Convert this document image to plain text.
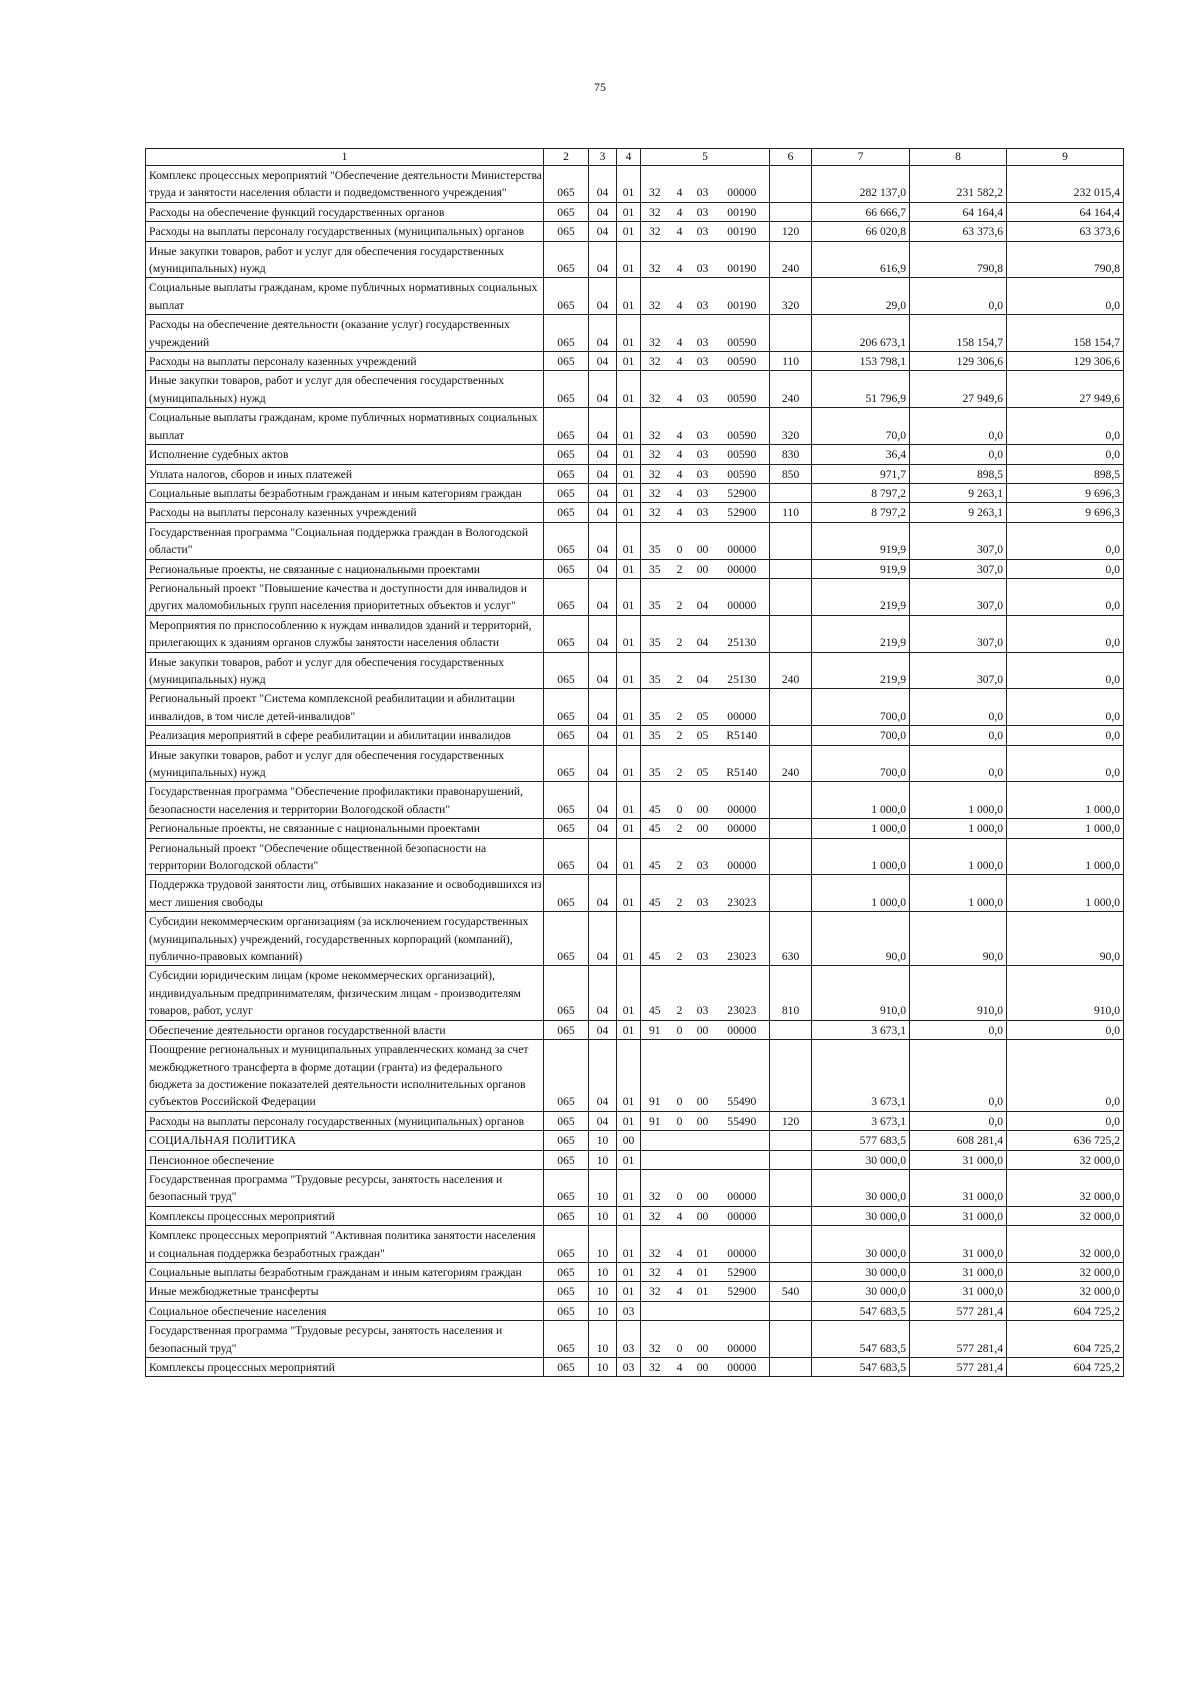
75
1	2	3	4	5				6	7	8	9
Комплекс процессных мероприятий "Обеспечение деятельности Министерства труда и занятости населения области и подведомственного учреждения"	065	04	01	32	4	03	00000		282 137,0	231 582,2	232 015,4
Расходы на обеспечение функций государственных органов	065	04	01	32	4	03	00190		66 666,7	64 164,4	64 164,4
Расходы на выплаты персоналу государственных (муниципальных) органов	065	04	01	32	4	03	00190	120	66 020,8	63 373,6	63 373,6
Иные закупки товаров, работ и услуг для обеспечения государственных (муниципальных) нужд	065	04	01	32	4	03	00190	240	616,9	790,8	790,8
Социальные выплаты гражданам, кроме публичных нормативных социальных выплат	065	04	01	32	4	03	00190	320	29,0	0,0	0,0
Расходы на обеспечение деятельности (оказание услуг) государственных учреждений	065	04	01	32	4	03	00590		206 673,1	158 154,7	158 154,7
Расходы на выплаты персоналу казенных учреждений	065	04	01	32	4	03	00590	110	153 798,1	129 306,6	129 306,6
Иные закупки товаров, работ и услуг для обеспечения государственных (муниципальных) нужд	065	04	01	32	4	03	00590	240	51 796,9	27 949,6	27 949,6
Социальные выплаты гражданам, кроме публичных нормативных социальных выплат	065	04	01	32	4	03	00590	320	70,0	0,0	0,0
Исполнение судебных актов	065	04	01	32	4	03	00590	830	36,4	0,0	0,0
Уплата налогов, сборов и иных платежей	065	04	01	32	4	03	00590	850	971,7	898,5	898,5
Социальные выплаты безработным гражданам и иным категориям граждан	065	04	01	32	4	03	52900		8 797,2	9 263,1	9 696,3
Расходы на выплаты персоналу казенных учреждений	065	04	01	32	4	03	52900	110	8 797,2	9 263,1	9 696,3
Государственная программа "Социальная поддержка граждан в Вологодской области"	065	04	01	35	0	00	00000		919,9	307,0	0,0
Региональные проекты, не связанные с национальными проектами	065	04	01	35	2	00	00000		919,9	307,0	0,0
Региональный проект "Повышение качества и доступности для инвалидов и других маломобильных групп населения приоритетных объектов и услуг"	065	04	01	35	2	04	00000		219,9	307,0	0,0
Мероприятия по приспособлению к нуждам инвалидов зданий и территорий, прилегающих к зданиям органов службы занятости населения области	065	04	01	35	2	04	25130		219,9	307,0	0,0
Иные закупки товаров, работ и услуг для обеспечения государственных (муниципальных) нужд	065	04	01	35	2	04	25130	240	219,9	307,0	0,0
Региональный проект "Система комплексной реабилитации и абилитации инвалидов, в том числе детей-инвалидов"	065	04	01	35	2	05	00000		700,0	0,0	0,0
Реализация мероприятий в сфере реабилитации и абилитации инвалидов	065	04	01	35	2	05	R5140		700,0	0,0	0,0
Иные закупки товаров, работ и услуг для обеспечения государственных (муниципальных) нужд	065	04	01	35	2	05	R5140	240	700,0	0,0	0,0
Государственная программа "Обеспечение профилактики правонарушений, безопасности населения и территории Вологодской области"	065	04	01	45	0	00	00000		1 000,0	1 000,0	1 000,0
Региональные проекты, не связанные с национальными проектами	065	04	01	45	2	00	00000		1 000,0	1 000,0	1 000,0
Региональный проект "Обеспечение общественной безопасности на территории Вологодской области"	065	04	01	45	2	03	00000		1 000,0	1 000,0	1 000,0
Поддержка трудовой занятости лиц, отбывших наказание и освободившихся из мест лишения свободы	065	04	01	45	2	03	23023		1 000,0	1 000,0	1 000,0
Субсидии некоммерческим организациям (за исключением государственных (муниципальных) учреждений, государственных корпораций (компаний), публично-правовых компаний)	065	04	01	45	2	03	23023	630	90,0	90,0	90,0
Субсидии юридическим лицам (кроме некоммерческих организаций), индивидуальным предпринимателям, физическим лицам - производителям товаров, работ, услуг	065	04	01	45	2	03	23023	810	910,0	910,0	910,0
Обеспечение деятельности органов государственной власти	065	04	01	91	0	00	00000		3 673,1	0,0	0,0
Поощрение региональных и муниципальных управленческих команд за счет межбюджетного трансферта в форме дотации (гранта) из федерального бюджета за достижение показателей деятельности исполнительных органов субъектов Российской Федерации	065	04	01	91	0	00	55490		3 673,1	0,0	0,0
Расходы на выплаты персоналу государственных (муниципальных) органов	065	04	01	91	0	00	55490	120	3 673,1	0,0	0,0
СОЦИАЛЬНАЯ ПОЛИТИКА	065	10	00						577 683,5	608 281,4	636 725,2
Пенсионное обеспечение	065	10	01						30 000,0	31 000,0	32 000,0
Государственная программа "Трудовые ресурсы, занятость населения и безопасный труд"	065	10	01	32	0	00	00000		30 000,0	31 000,0	32 000,0
Комплексы процессных мероприятий	065	10	01	32	4	00	00000		30 000,0	31 000,0	32 000,0
Комплекс процессных мероприятий "Активная политика занятости населения и социальная поддержка безработных граждан"	065	10	01	32	4	01	00000		30 000,0	31 000,0	32 000,0
Социальные выплаты безработным гражданам и иным категориям граждан	065	10	01	32	4	01	52900		30 000,0	31 000,0	32 000,0
Иные межбюджетные трансферты	065	10	01	32	4	01	52900	540	30 000,0	31 000,0	32 000,0
Социальное обеспечение населения	065	10	03						547 683,5	577 281,4	604 725,2
Государственная программа "Трудовые ресурсы, занятость населения и безопасный труд"	065	10	03	32	0	00	00000		547 683,5	577 281,4	604 725,2
Комплексы процессных мероприятий	065	10	03	32	4	00	00000		547 683,5	577 281,4	604 725,2
